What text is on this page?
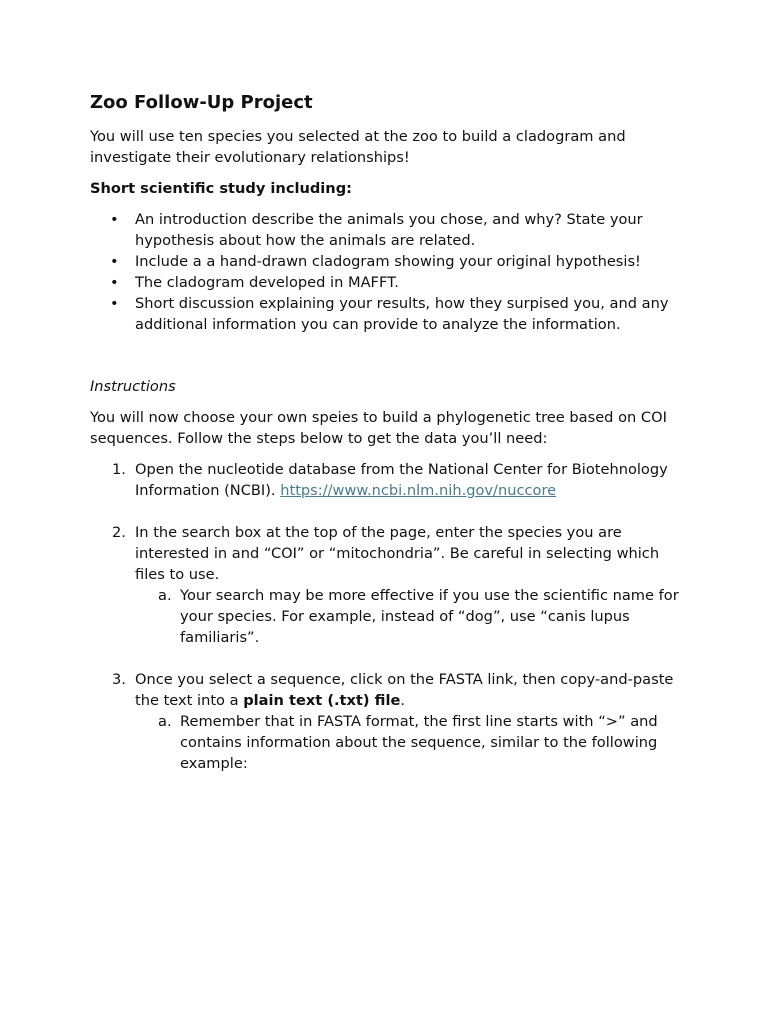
Zoo Follow-Up Project

You will use ten species you selected at the zoo to build a cladogram and investigate their evolutionary relationships!

Short scientific study including:
• An introduction describe the animals you chose, and why? State your hypothesis about how the animals are related.
• Include a a hand-drawn cladogram showing your original hypothesis!
• The cladogram developed in MAFFT.
• Short discussion explaining your results, how they surpised you, and any additional information you can provide to analyze the information.

Instructions

You will now choose your own speies to build a phylogenetic tree based on COI sequences. Follow the steps below to get the data you’ll need:

1. Open the nucleotide database from the National Center for Biotehnology Information (NCBI). https://www.ncbi.nlm.nih.gov/nuccore
2. In the search box at the top of the page, enter the species you are interested in and “COI” or “mitochondria”. Be careful in selecting which files to use.
a. Your search may be more effective if you use the scientific name for your species. For example, instead of “dog”, use “canis lupus familiaris”.
3. Once you select a sequence, click on the FASTA link, then copy-and-paste the text into a plain text (.txt) file.
a. Remember that in FASTA format, the first line starts with “>” and contains information about the sequence, similar to the following example:
